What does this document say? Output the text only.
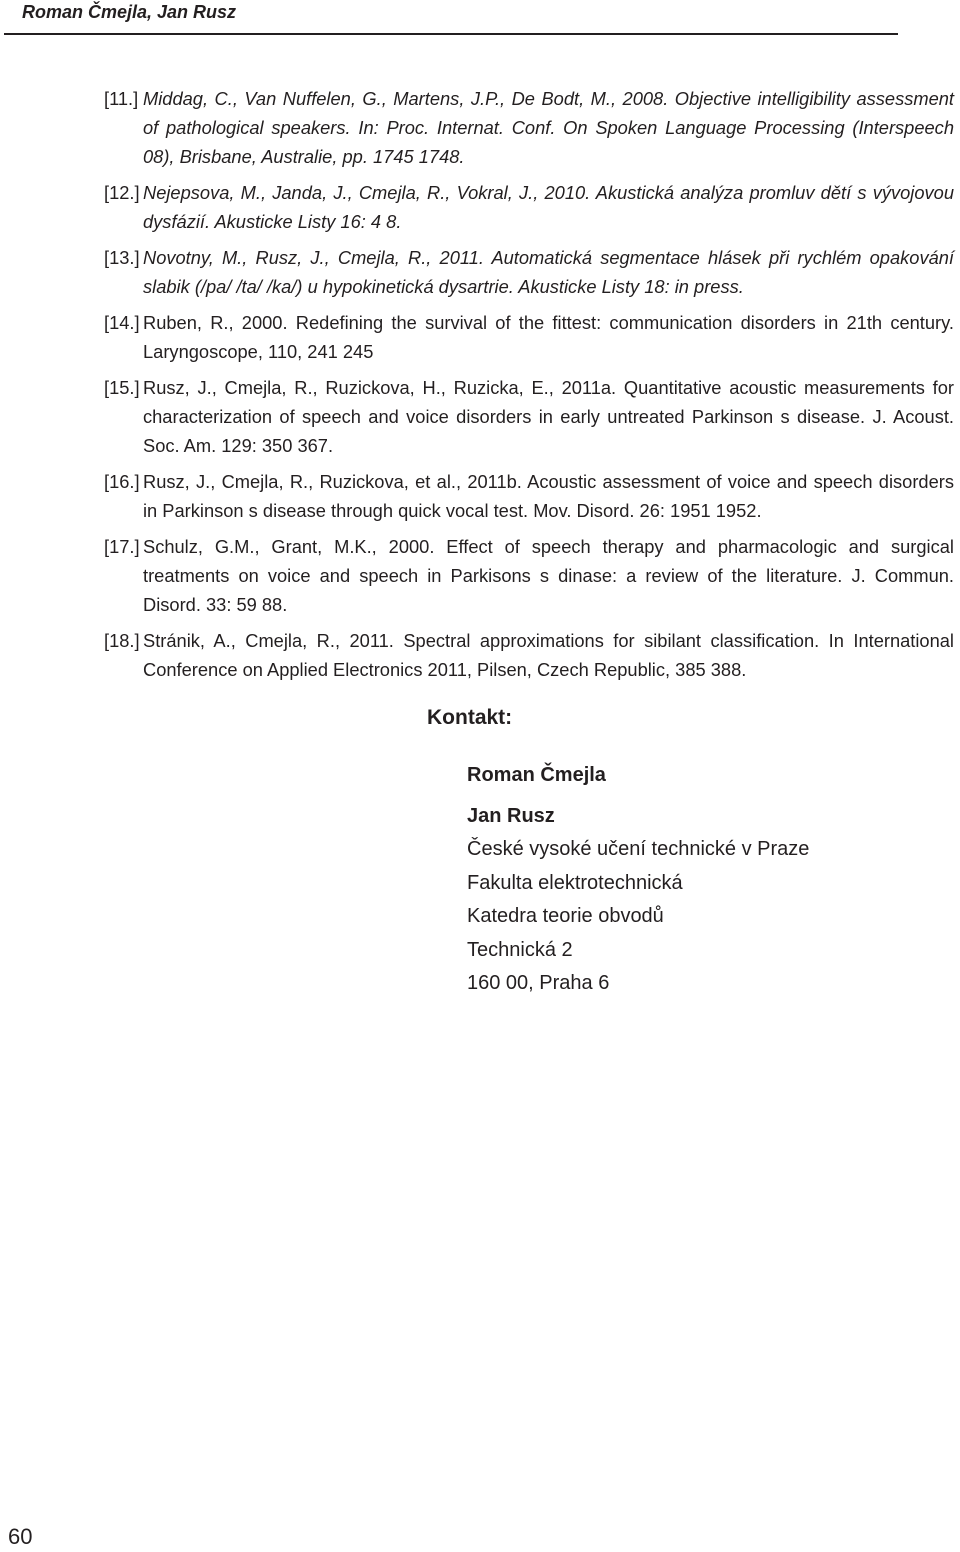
Roman Čmejla, Jan Rusz
[11.] Middag, C., Van Nuffelen, G., Martens, J.P., De Bodt, M., 2008. Objective intelligibility assessment of pathological speakers. In: Proc. Internat. Conf. On Spoken Language Processing (Interspeech 08), Brisbane, Australie, pp. 1745 1748.
[12.] Nejepsova, M., Janda, J., Cmejla, R., Vokral, J., 2010. Akustická analýza promluv dětí s vývojovou dysfázií. Akusticke Listy 16: 4 8.
[13.] Novotny, M., Rusz, J., Cmejla, R., 2011. Automatická segmentace hlásek při rychlém opakování slabik (/pa/ /ta/ /ka/) u hypokinetická dysartrie. Akusticke Listy 18: in press.
[14.] Ruben, R., 2000. Redefining the survival of the fittest: communication disorders in 21th century. Laryngoscope, 110, 241 245
[15.] Rusz, J., Cmejla, R., Ruzickova, H., Ruzicka, E., 2011a. Quantitative acoustic measurements for characterization of speech and voice disorders in early untreated Parkinson s disease. J. Acoust. Soc. Am. 129: 350 367.
[16.] Rusz, J., Cmejla, R., Ruzickova, et al., 2011b. Acoustic assessment of voice and speech disorders in Parkinson s disease through quick vocal test. Mov. Disord. 26: 1951 1952.
[17.] Schulz, G.M., Grant, M.K., 2000. Effect of speech therapy and pharmacologic and surgical treatments on voice and speech in Parkisons s dinase: a review of the literature. J. Commun. Disord. 33: 59 88.
[18.] Stránik, A., Cmejla, R., 2011. Spectral approximations for sibilant classification. In International Conference on Applied Electronics 2011, Pilsen, Czech Republic, 385 388.
Kontakt:
Roman Čmejla
Jan Rusz
České vysoké učení technické v Praze
Fakulta elektrotechnická
Katedra teorie obvodů
Technická 2
160 00, Praha 6
60
